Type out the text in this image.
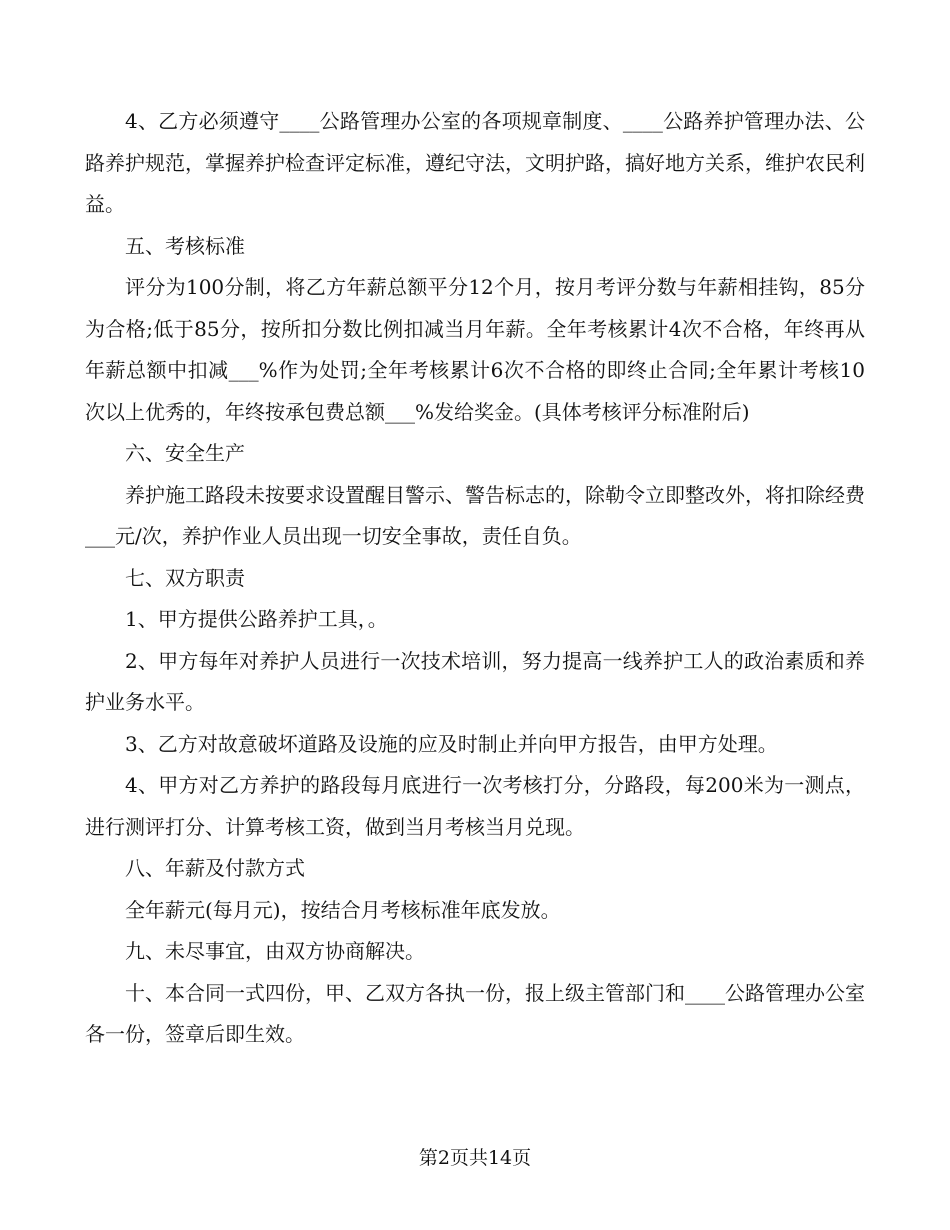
4、乙方必须遵守____公路管理办公室的各项规章制度、____公路养护管理办法、公路养护规范，掌握养护检查评定标准，遵纪守法，文明护路，搞好地方关系，维护农民利益。

五、考核标准

评分为100分制，将乙方年薪总额平分12个月，按月考评分数与年薪相挂钩，85分为合格;低于85分，按所扣分数比例扣减当月年薪。全年考核累计4次不合格，年终再从年薪总额中扣减___%作为处罚;全年考核累计6次不合格的即终止合同;全年累计考核10次以上优秀的，年终按承包费总额___%发给奖金。(具体考核评分标准附后)

六、安全生产

养护施工路段未按要求设置醒目警示、警告标志的，除勒令立即整改外，将扣除经费___元/次，养护作业人员出现一切安全事故，责任自负。

七、双方职责

1、甲方提供公路养护工具，。

2、甲方每年对养护人员进行一次技术培训，努力提高一线养护工人的政治素质和养护业务水平。

3、乙方对故意破坏道路及设施的应及时制止并向甲方报告，由甲方处理。

4、甲方对乙方养护的路段每月底进行一次考核打分，分路段，每200米为一测点，进行测评打分、计算考核工资，做到当月考核当月兑现。

八、年薪及付款方式

全年薪元(每月元)，按结合月考核标准年底发放。

九、未尽事宜，由双方协商解决。

十、本合同一式四份，甲、乙双方各执一份，报上级主管部门和____公路管理办公室各一份，签章后即生效。

第2页共14页
